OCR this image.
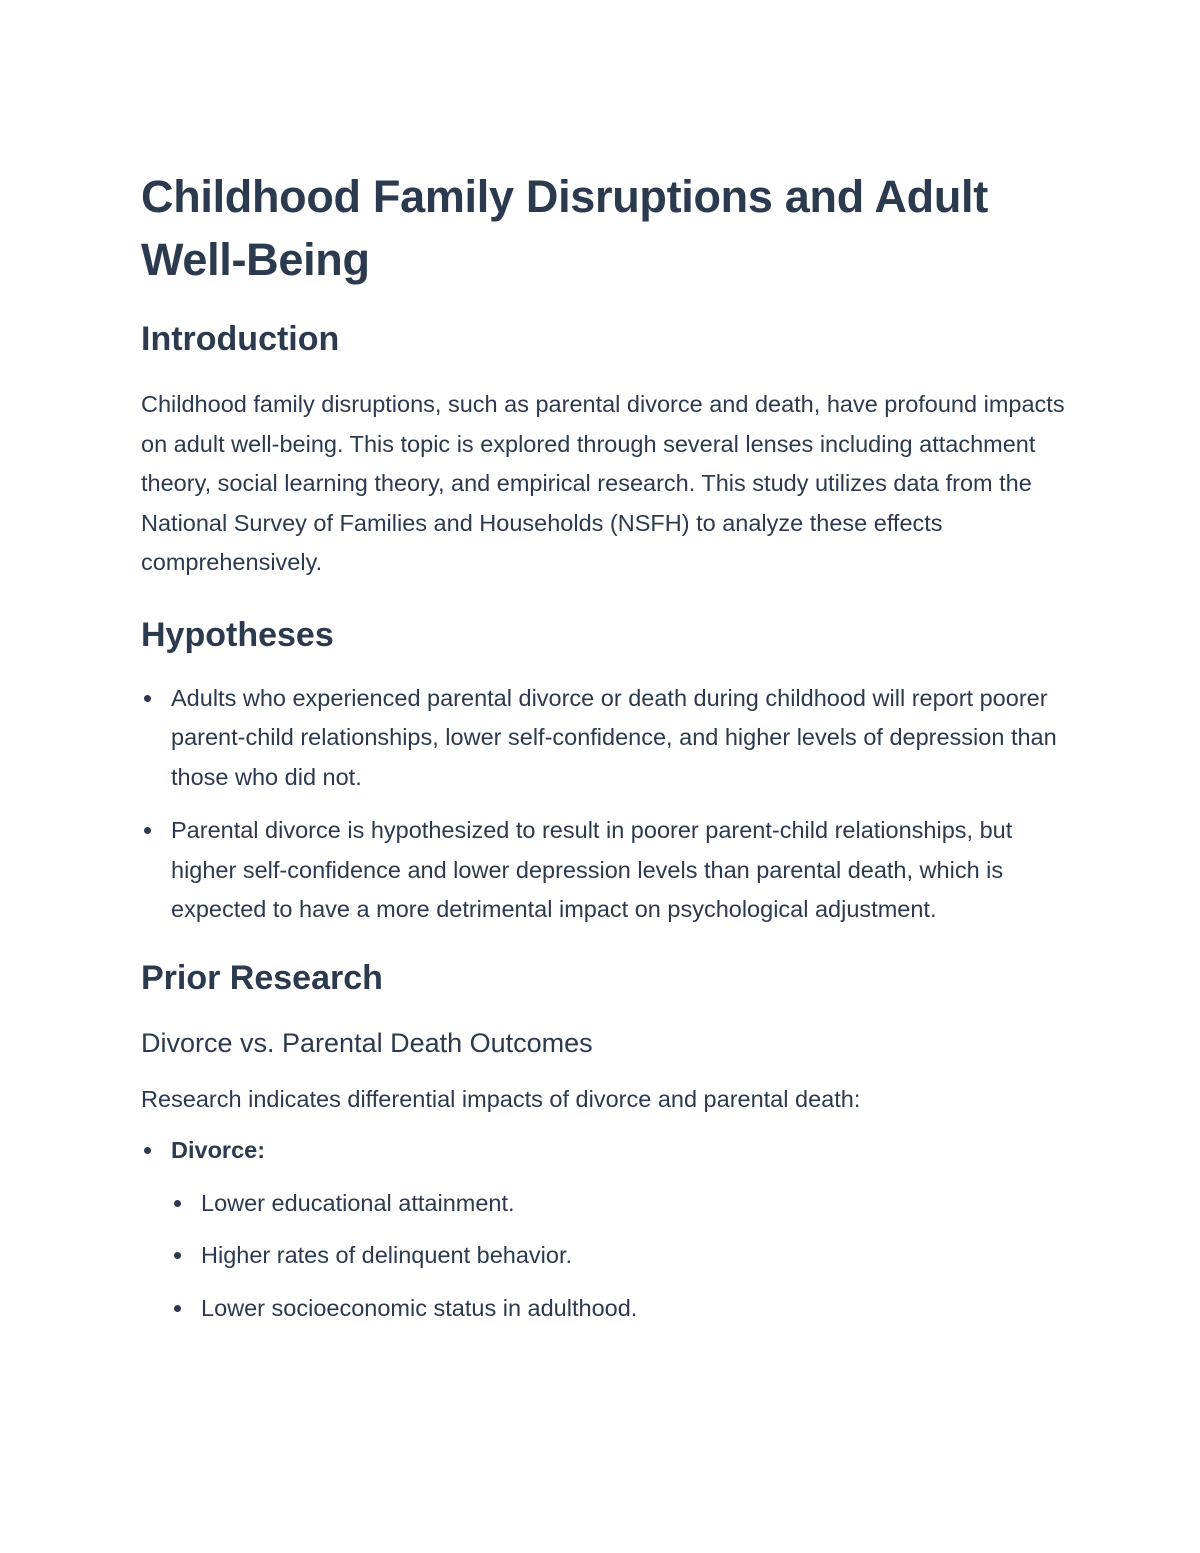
Childhood Family Disruptions and Adult Well-Being
Introduction

Childhood family disruptions, such as parental divorce and death, have profound impacts on adult well-being. This topic is explored through several lenses including attachment theory, social learning theory, and empirical research. This study utilizes data from the National Survey of Families and Households (NSFH) to analyze these effects comprehensively.

Hypotheses
Adults who experienced parental divorce or death during childhood will report poorer parent-child relationships, lower self-confidence, and higher levels of depression than those who did not.
Parental divorce is hypothesized to result in poorer parent-child relationships, but higher self-confidence and lower depression levels than parental death, which is expected to have a more detrimental impact on psychological adjustment.
Prior Research
Divorce vs. Parental Death Outcomes

Research indicates differential impacts of divorce and parental death:

Divorce:
Lower educational attainment.
Higher rates of delinquent behavior.
Lower socioeconomic status in adulthood.
